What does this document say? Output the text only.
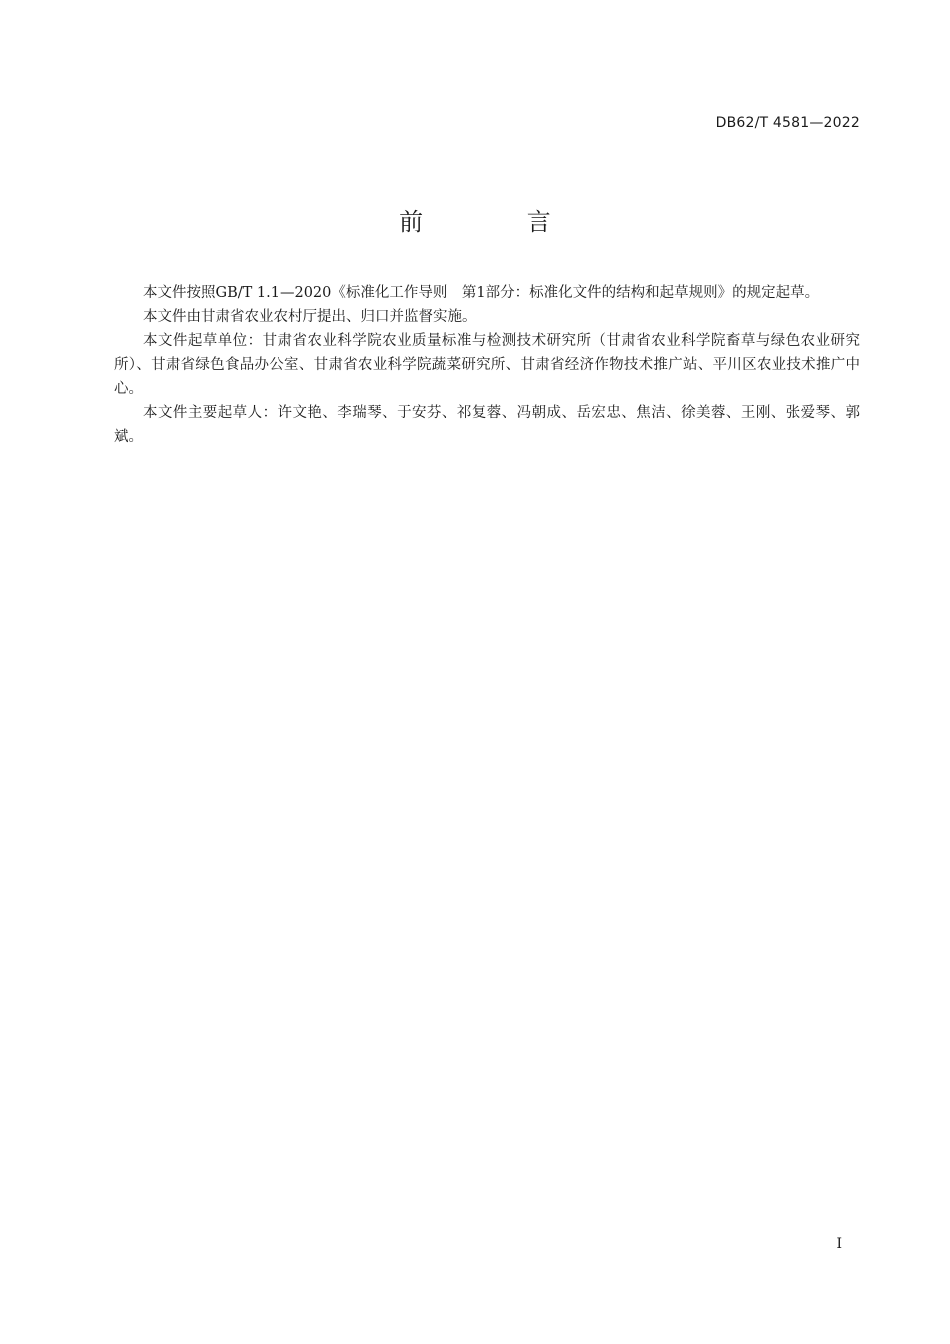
DB62/T 4581—2022
前 言

本文件按照GB/T 1.1—2020《标准化工作导则　第1部分：标准化文件的结构和起草规则》的规定起草。

本文件由甘肃省农业农村厅提出、归口并监督实施。

本文件起草单位：甘肃省农业科学院农业质量标准与检测技术研究所（甘肃省农业科学院畜草与绿色农业研究所）、甘肃省绿色食品办公室、甘肃省农业科学院蔬菜研究所、甘肃省经济作物技术推广站、平川区农业技术推广中心。

本文件主要起草人：许文艳、李瑞琴、于安芬、祁复蓉、冯朝成、岳宏忠、焦洁、徐美蓉、王刚、张爱琴、郭斌。

I
